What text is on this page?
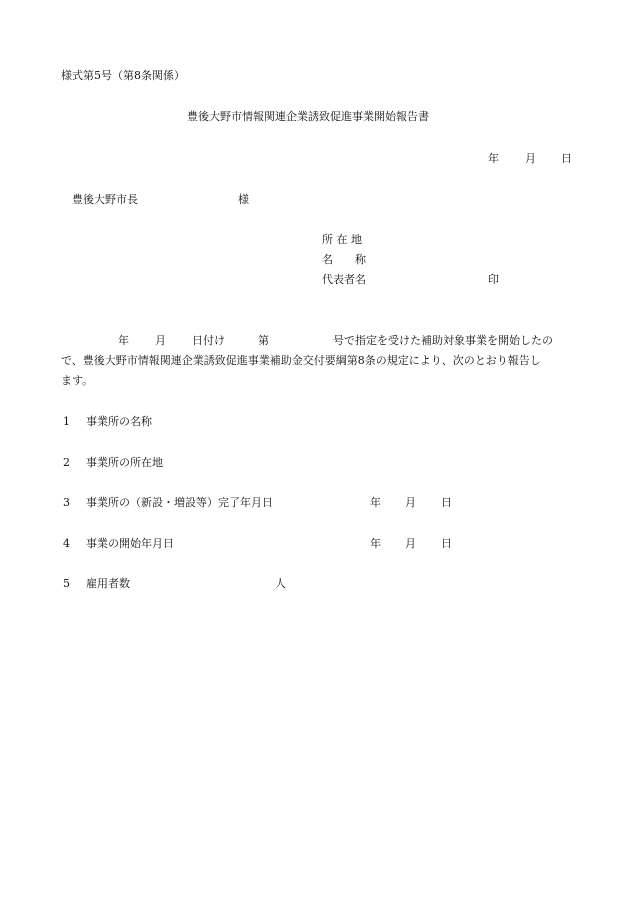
様式第5号（第8条関係）
豊後大野市情報関連企業誘致促進事業開始報告書
年 月 日
豊後大野市長	様
所 在 地
名　　称
代表者名	印
年 月 日付け	第	号で指定を受けた補助対象事業を開始したの
で、豊後大野市情報関連企業誘致促進事業補助金交付要綱第8条の規定により、次のとおり報告し
ます。
1 事業所の名称
2 事業所の所在地
3 事業所の（新設・増設等）完了年月日	年 月 日
4 事業の開始年月日	年 月 日
5 雇用者数	人
